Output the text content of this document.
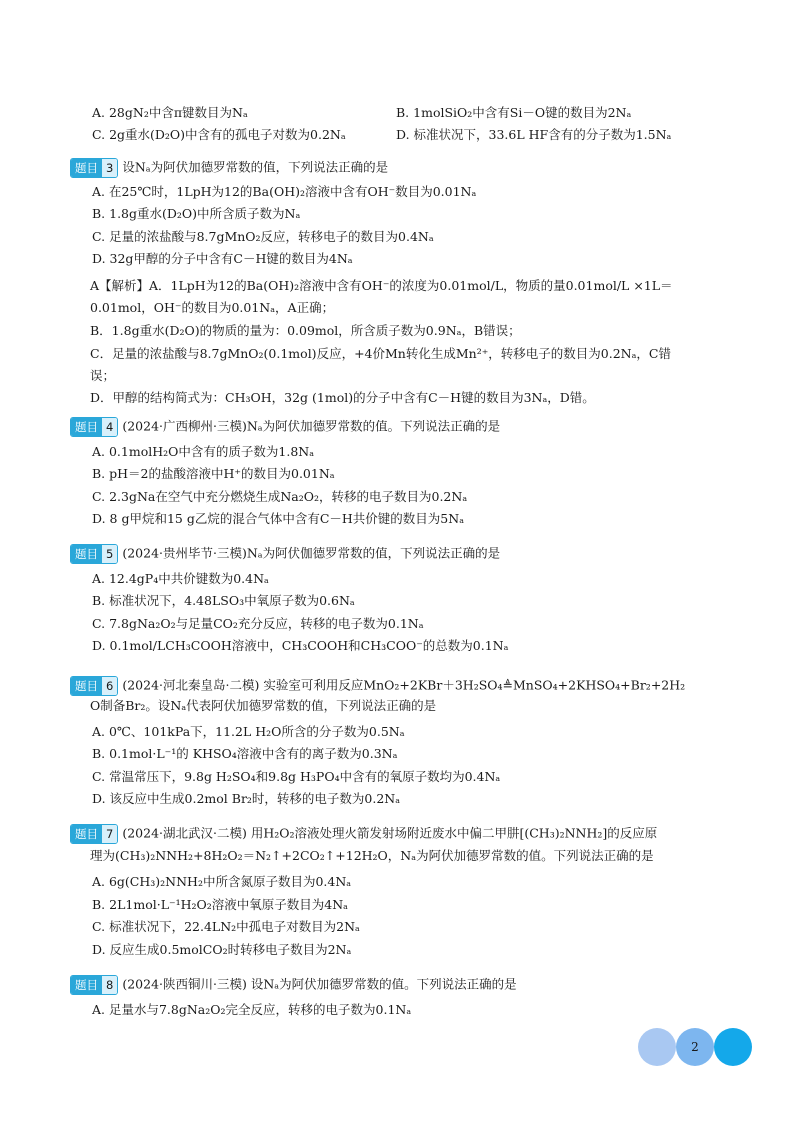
A. 28gN₂中含π键数目为Nₐ	B. 1molSiO₂中含有Si－O键的数目为2Nₐ
C. 2g重水(D₂O)中含有的孤电子对数为0.2Nₐ	D. 标准状况下，33.6L HF含有的分子数为1.5Nₐ
题目 3 设Nₐ为阿伏加德罗常数的值，下列说法正确的是
A. 在25℃时，1LpH为12的Ba(OH)₂溶液中含有OH⁻数目为0.01Nₐ
B. 1.8g重水(D₂O)中所含质子数为Nₐ
C. 足量的浓盐酸与8.7gMnO₂反应，转移电子的数目为0.4Nₐ
D. 32g甲醇的分子中含有C－H键的数目为4Nₐ
A【解析】A．1LpH为12的Ba(OH)₂溶液中含有OH⁻的浓度为0.01mol/L，物质的量0.01mol/L ×1L＝
0.01mol，OH⁻的数目为0.01Nₐ，A正确；
B．1.8g重水(D₂O)的物质的量为：0.09mol，所含质子数为0.9Nₐ，B错误；
C．足量的浓盐酸与8.7gMnO₂(0.1mol)反应，+4价Mn转化生成Mn²⁺，转移电子的数目为0.2Nₐ，C错
误；
D．甲醇的结构简式为：CH₃OH，32g (1mol)的分子中含有C－H键的数目为3Nₐ，D错。
题目 4 (2024·广西柳州·三模)Nₐ为阿伏加德罗常数的值。下列说法正确的是
A. 0.1molH₂O中含有的质子数为1.8Nₐ
B. pH＝2的盐酸溶液中H⁺的数目为0.01Nₐ
C. 2.3gNa在空气中充分燃烧生成Na₂O₂，转移的电子数目为0.2Nₐ
D. 8 g甲烷和15 g乙烷的混合气体中含有C－H共价键的数目为5Nₐ
题目 5 (2024·贵州毕节·三模)Nₐ为阿伏伽德罗常数的值，下列说法正确的是
A. 12.4gP₄中共价键数为0.4Nₐ
B. 标准状况下，4.48LSO₃中氧原子数为0.6Nₐ
C. 7.8gNa₂O₂与足量CO₂充分反应，转移的电子数为0.1Nₐ
D. 0.1mol/LCH₃COOH溶液中，CH₃COOH和CH₃COO⁻的总数为0.1Nₐ
题目 6 (2024·河北秦皇岛·二模) 实验室可利用反应MnO₂+2KBr＋3H₂SO₄≜MnSO₄+2KHSO₄+Br₂+2H₂
O制备Br₂。设Nₐ代表阿伏加德罗常数的值，下列说法正确的是
A. 0℃、101kPa下，11.2L H₂O所含的分子数为0.5Nₐ
B. 0.1mol·L⁻¹的 KHSO₄溶液中含有的离子数为0.3Nₐ
C. 常温常压下，9.8g H₂SO₄和9.8g H₃PO₄中含有的氧原子数均为0.4Nₐ
D. 该反应中生成0.2mol Br₂时，转移的电子数为0.2Nₐ
题目 7 (2024·湖北武汉·二模) 用H₂O₂溶液处理火箭发射场附近废水中偏二甲肼[(CH₃)₂NNH₂]的反应原
理为(CH₃)₂NNH₂+8H₂O₂＝N₂↑+2CO₂↑+12H₂O，Nₐ为阿伏加德罗常数的值。下列说法正确的是
A. 6g(CH₃)₂NNH₂中所含氮原子数目为0.4Nₐ
B. 2L1mol·L⁻¹H₂O₂溶液中氧原子数目为4Nₐ
C. 标准状况下，22.4LN₂中孤电子对数目为2Nₐ
D. 反应生成0.5molCO₂时转移电子数目为2Nₐ
题目 8 (2024·陕西铜川·三模) 设Nₐ为阿伏加德罗常数的值。下列说法正确的是
A. 足量水与7.8gNa₂O₂完全反应，转移的电子数为0.1Nₐ
2
